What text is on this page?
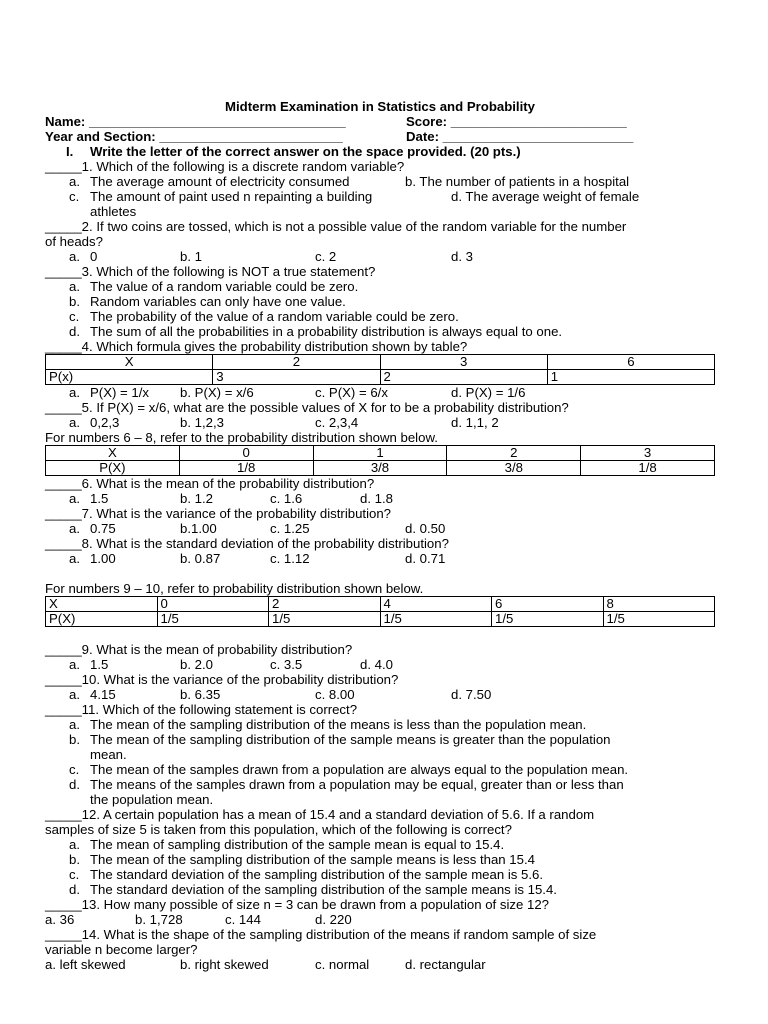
Midterm Examination in Statistics and Probability
Name: ___________________________________	Score: ________________________
Year and Section: _________________________	Date: __________________________
I. Write the letter of the correct answer on the space provided. (20 pts.)
_____1. Which of the following is a discrete random variable?
a. The average amount of electricity consumed	b. The number of patients in a hospital
c. The amount of paint used n repainting a building	d. The average weight of female
athletes
_____2. If two coins are tossed, which is not a possible value of the random variable for the number
of heads?
a. 0	b. 1	c. 2	d. 3
_____3. Which of the following is NOT a true statement?
a. The value of a random variable could be zero.
b. Random variables can only have one value.
c. The probability of the value of a random variable could be zero.
d. The sum of all the probabilities in a probability distribution is always equal to one.
_____4. Which formula gives the probability distribution shown by table?
X	2	3	6
P(x)	3	2	1
a. P(X) = 1/x b. P(X) = x/6	c. P(X) = 6/x	d. P(X) = 1/6
_____5. If P(X) = x/6, what are the possible values of X for to be a probability distribution?
a. 0,2,3	b. 1,2,3	c. 2,3,4	d. 1,1, 2
For numbers 6 – 8, refer to the probability distribution shown below.
X	0	1	2	3
P(X)	1/8	3/8	3/8	1/8
_____6. What is the mean of the probability distribution?
a. 1.5	b. 1.2	c. 1.6	d. 1.8
_____7. What is the variance of the probability distribution?
a. 0.75	b.1.00	c. 1.25	d. 0.50
_____8. What is the standard deviation of the probability distribution?
a. 1.00	b. 0.87	c. 1.12	d. 0.71
For numbers 9 – 10, refer to probability distribution shown below.
X	0	2	4	6	8
P(X)	1/5	1/5	1/5	1/5	1/5
_____9. What is the mean of probability distribution?
a. 1.5	b. 2.0	c. 3.5	d. 4.0
_____10. What is the variance of the probability distribution?
a. 4.15	b. 6.35	c. 8.00	d. 7.50
_____11. Which of the following statement is correct?
a. The mean of the sampling distribution of the means is less than the population mean.
b. The mean of the sampling distribution of the sample means is greater than the population
mean.
c. The mean of the samples drawn from a population are always equal to the population mean.
d. The means of the samples drawn from a population may be equal, greater than or less than
the population mean.
_____12. A certain population has a mean of 15.4 and a standard deviation of 5.6. If a random
samples of size 5 is taken from this population, which of the following is correct?
a. The mean of sampling distribution of the sample mean is equal to 15.4.
b. The mean of the sampling distribution of the sample means is less than 15.4
c. The standard deviation of the sampling distribution of the sample mean is 5.6.
d. The standard deviation of the sampling distribution of the sample means is 15.4.
_____13. How many possible of size n = 3 can be drawn from a population of size 12?
a. 36	b. 1,728	c. 144	d. 220
_____14. What is the shape of the sampling distribution of the means if random sample of size
variable n become larger?
a. left skewed	b. right skewed	c. normal	d. rectangular
